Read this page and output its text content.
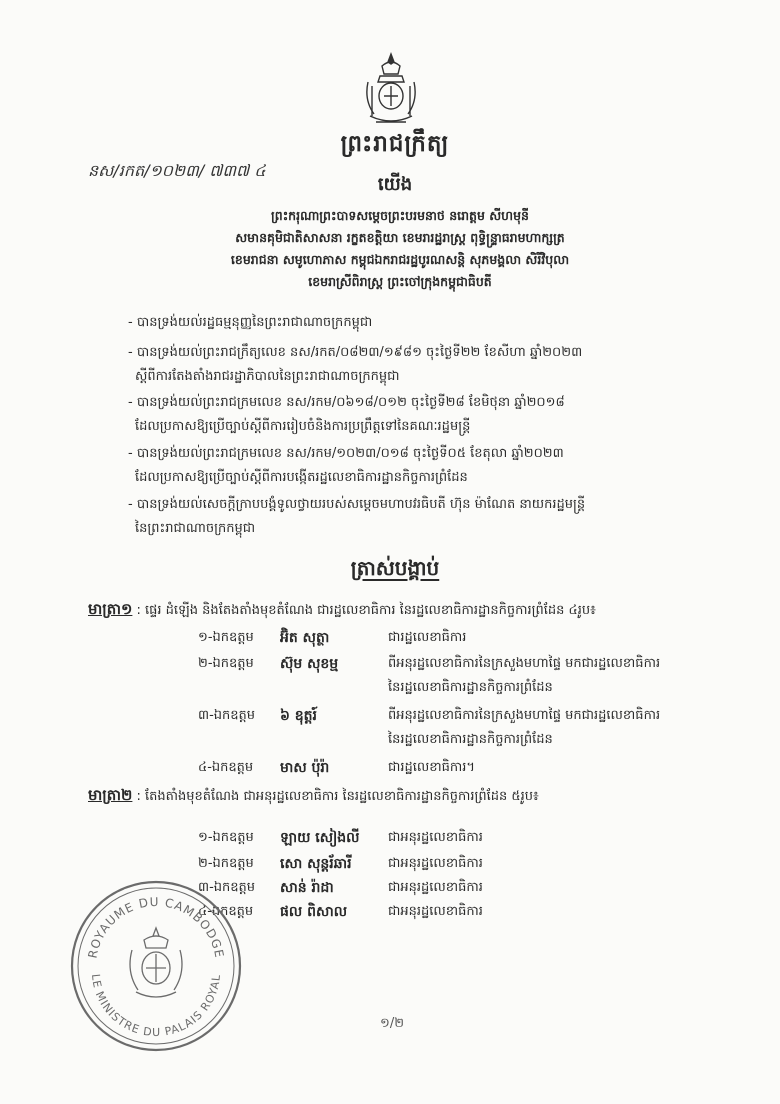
ព្រះរាជក្រឹត្យ
នស/រកត/១០២៣/ ៧៣៧ ៤
យើង
ព្រះករុណាព្រះបាទសម្ដេចព្រះបរមនាថ នរោត្តម សីហមុនី
សមានគុមិជាតិសាសនា រក្ខតខត្តិយា ខេមរារដ្ឋរាស្ត្រ ពុទ្ធិន្ទ្រាធរាមហាក្សត្រ
ខេមរាជនា សមូហោភាស កម្ពុជឯករាជរដ្ឋបូរណសន្តិ សុភមង្គលា សិរីវិបុលា
ខេមរាស្រីពិរាស្ត្រ ព្រះចៅក្រុងកម្ពុជាធិបតី
- បានទ្រង់យល់រដ្ឋធម្មនុញ្ញនៃព្រះរាជាណាចក្រកម្ពុជា
- បានទ្រង់យល់ព្រះរាជក្រឹត្យលេខ នស/រកត/០៨២៣/១៩៨១ ចុះថ្ងៃទី២២ ខែសីហា ឆ្នាំ២០២៣
ស្ដីពីការតែងតាំងរាជរដ្ឋាភិបាលនៃព្រះរាជាណាចក្រកម្ពុជា
- បានទ្រង់យល់ព្រះរាជក្រមលេខ នស/រកម/០៦១៨/០១២ ចុះថ្ងៃទី២៨ ខែមិថុនា ឆ្នាំ២០១៨
ដែលប្រកាសឱ្យប្រើច្បាប់ស្ដីពីការរៀបចំនិងការប្រព្រឹត្តទៅនៃគណៈរដ្ឋមន្ត្រី
- បានទ្រង់យល់ព្រះរាជក្រមលេខ នស/រកម/១០២៣/០១៨ ចុះថ្ងៃទី០៥ ខែតុលា ឆ្នាំ២០២៣
ដែលប្រកាសឱ្យប្រើច្បាប់ស្ដីពីការបង្កើតរដ្ឋលេខាធិការដ្ឋានកិច្ចការព្រំដែន
- បានទ្រង់យល់សេចក្ដីក្រាបបង្គំទូលថ្វាយរបស់សម្ដេចមហាបវរធិបតី ហ៊ុន ម៉ាណែត នាយករដ្ឋមន្ត្រី
នៃព្រះរាជាណាចក្រកម្ពុជា
ត្រាស់បង្គាប់
មាត្រា១ : ផ្ទេរ ដំឡើង និងតែងតាំងមុខតំណែង ជារដ្ឋលេខាធិការ នៃរដ្ឋលេខាធិការដ្ឋានកិច្ចការព្រំដែន ៤រូប៖
១-ឯកឧត្តម អ៊ិត សុត្ថា	ជារដ្ឋលេខាធិការ
២-ឯកឧត្តម ស៊ុម សុខម្ម	ពីអនុរដ្ឋលេខាធិការនៃក្រសួងមហាផ្ទៃ មកជារដ្ឋលេខាធិការ
នៃរដ្ឋលេខាធិការដ្ឋានកិច្ចការព្រំដែន
៣-ឯកឧត្តម ៦ ឧុត្តរ៍	ពីអនុរដ្ឋលេខាធិការនៃក្រសួងមហាផ្ទៃ មកជារដ្ឋលេខាធិការ
នៃរដ្ឋលេខាធិការដ្ឋានកិច្ចការព្រំដែន
៤-ឯកឧត្តម មាស ប៉ុរ៉ា	ជារដ្ឋលេខាធិការ។
មាត្រា២ : តែងតាំងមុខតំណែង ជាអនុរដ្ឋលេខាធិការ នៃរដ្ឋលេខាធិការដ្ឋានកិច្ចការព្រំដែន ៥រូប៖
១-ឯកឧត្តម ឡាយ សៀងលី ជាអនុរដ្ឋលេខាធិការ
២-ឯកឧត្តម សោ សុន្តរ័ឆារី	ជាអនុរដ្ឋលេខាធិការ
៣-ឯកឧត្តម សាន់ រ៉ាដា	ជាអនុរដ្ឋលេខាធិការ
៤-ឯកឧត្តម ផល ពិសាល	ជាអនុរដ្ឋលេខាធិការ
ROYAUME DU CAMBODGE
LE MINISTRE DU PALAIS ROYAL
១/២
